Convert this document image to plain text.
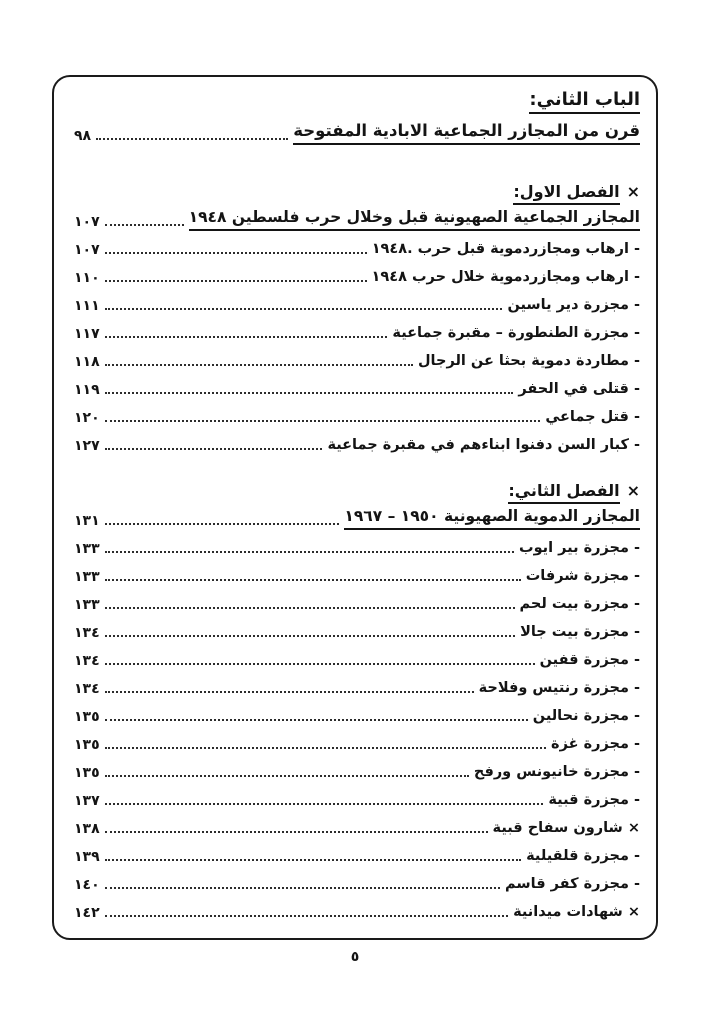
الباب الثاني:
قرن من المجازر الجماعية الابادية المفتوحة
٩٨
×الفصل الاول:
المجازر الجماعية الصهيونية قبل وخلال حرب فلسطين ١٩٤٨
١٠٧
- ارهاب ومجازردموية قبل حرب .١٩٤٨
١٠٧
- ارهاب ومجازردموية خلال حرب ١٩٤٨
١١٠
- مجزرة دير ياسين
١١١
- مجزرة الطنطورة – مقبرة جماعية
١١٧
- مطاردة دموية بحثا عن الرجال
١١٨
- قتلى في الحفر
١١٩
- قتل جماعي
١٢٠
- كبار السن دفنوا ابناءهم في مقبرة جماعية
١٢٧
×الفصل الثاني:
المجازر الدموية الصهيونية ١٩٥٠ – ١٩٦٧
١٣١
- مجزرة بير ايوب
١٣٣
- مجزرة شرفات
١٣٣
- مجزرة بيت لحم
١٣٣
- مجزرة بيت جالا
١٣٤
- مجزرة قفين
١٣٤
- مجزرة رنتيس وفلاحة
١٣٤
- مجزرة نحالين
١٣٥
- مجزرة غزة
١٣٥
- مجزرة خانيونس ورفح
١٣٥
- مجزرة قبية
١٣٧
× شارون سفاح قبية
١٣٨
- مجزرة قلقيلية
١٣٩
- مجزرة كفر قاسم
١٤٠
× شهادات ميدانية
١٤٢
٥
